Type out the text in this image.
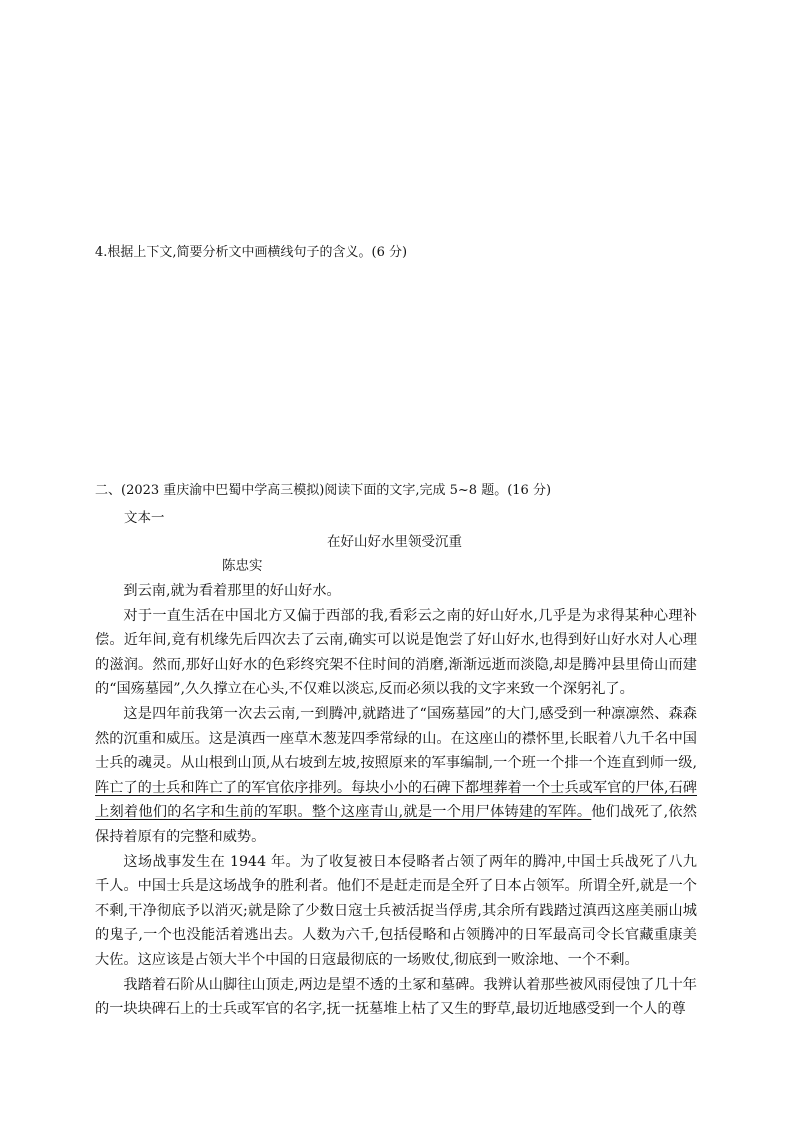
4.根据上下文,简要分析文中画横线句子的含义。(6 分)
二、(2023 重庆渝中巴蜀中学高三模拟)阅读下面的文字,完成 5~8 题。(16 分)
文本一
在好山好水里领受沉重
陈忠实

到云南,就为看着那里的好山好水。

对于一直生活在中国北方又偏于西部的我,看彩云之南的好山好水,几乎是为求得某种心理补偿。近年间,竟有机缘先后四次去了云南,确实可以说是饱尝了好山好水,也得到好山好水对人心理的滋润。然而,那好山好水的色彩终究架不住时间的消磨,渐渐远逝而淡隐,却是腾冲县里倚山而建的“国殇墓园”,久久撑立在心头,不仅难以淡忘,反而必须以我的文字来致一个深躬礼了。

这是四年前我第一次去云南,一到腾冲,就踏进了“国殇墓园”的大门,感受到一种凛凛然、森森然的沉重和威压。这是滇西一座草木葱茏四季常绿的山。在这座山的襟怀里,长眠着八九千名中国士兵的魂灵。从山根到山顶,从右坡到左坡,按照原来的军事编制,一个班一个排一个连直到师一级,阵亡了的士兵和阵亡了的军官依序排列。每块小小的石碑下都埋葬着一个士兵或军官的尸体,石碑上刻着他们的名字和生前的军职。整个这座青山,就是一个用尸体铸建的军阵。他们战死了,依然保持着原有的完整和威势。

这场战事发生在 1944 年。为了收复被日本侵略者占领了两年的腾冲,中国士兵战死了八九千人。中国士兵是这场战争的胜利者。他们不是赶走而是全歼了日本占领军。所谓全歼,就是一个不剩,干净彻底予以消灭;就是除了少数日寇士兵被活捉当俘虏,其余所有践踏过滇西这座美丽山城的鬼子,一个也没能活着逃出去。人数为六千,包括侵略和占领腾冲的日军最高司令长官藏重康美大佐。这应该是占领大半个中国的日寇最彻底的一场败仗,彻底到一败涂地、一个不剩。

我踏着石阶从山脚往山顶走,两边是望不透的土冢和墓碑。我辨认着那些被风雨侵蚀了几十年的一块块碑石上的士兵或军官的名字,抚一抚墓堆上枯了又生的野草,最切近地感受到一个人的尊
